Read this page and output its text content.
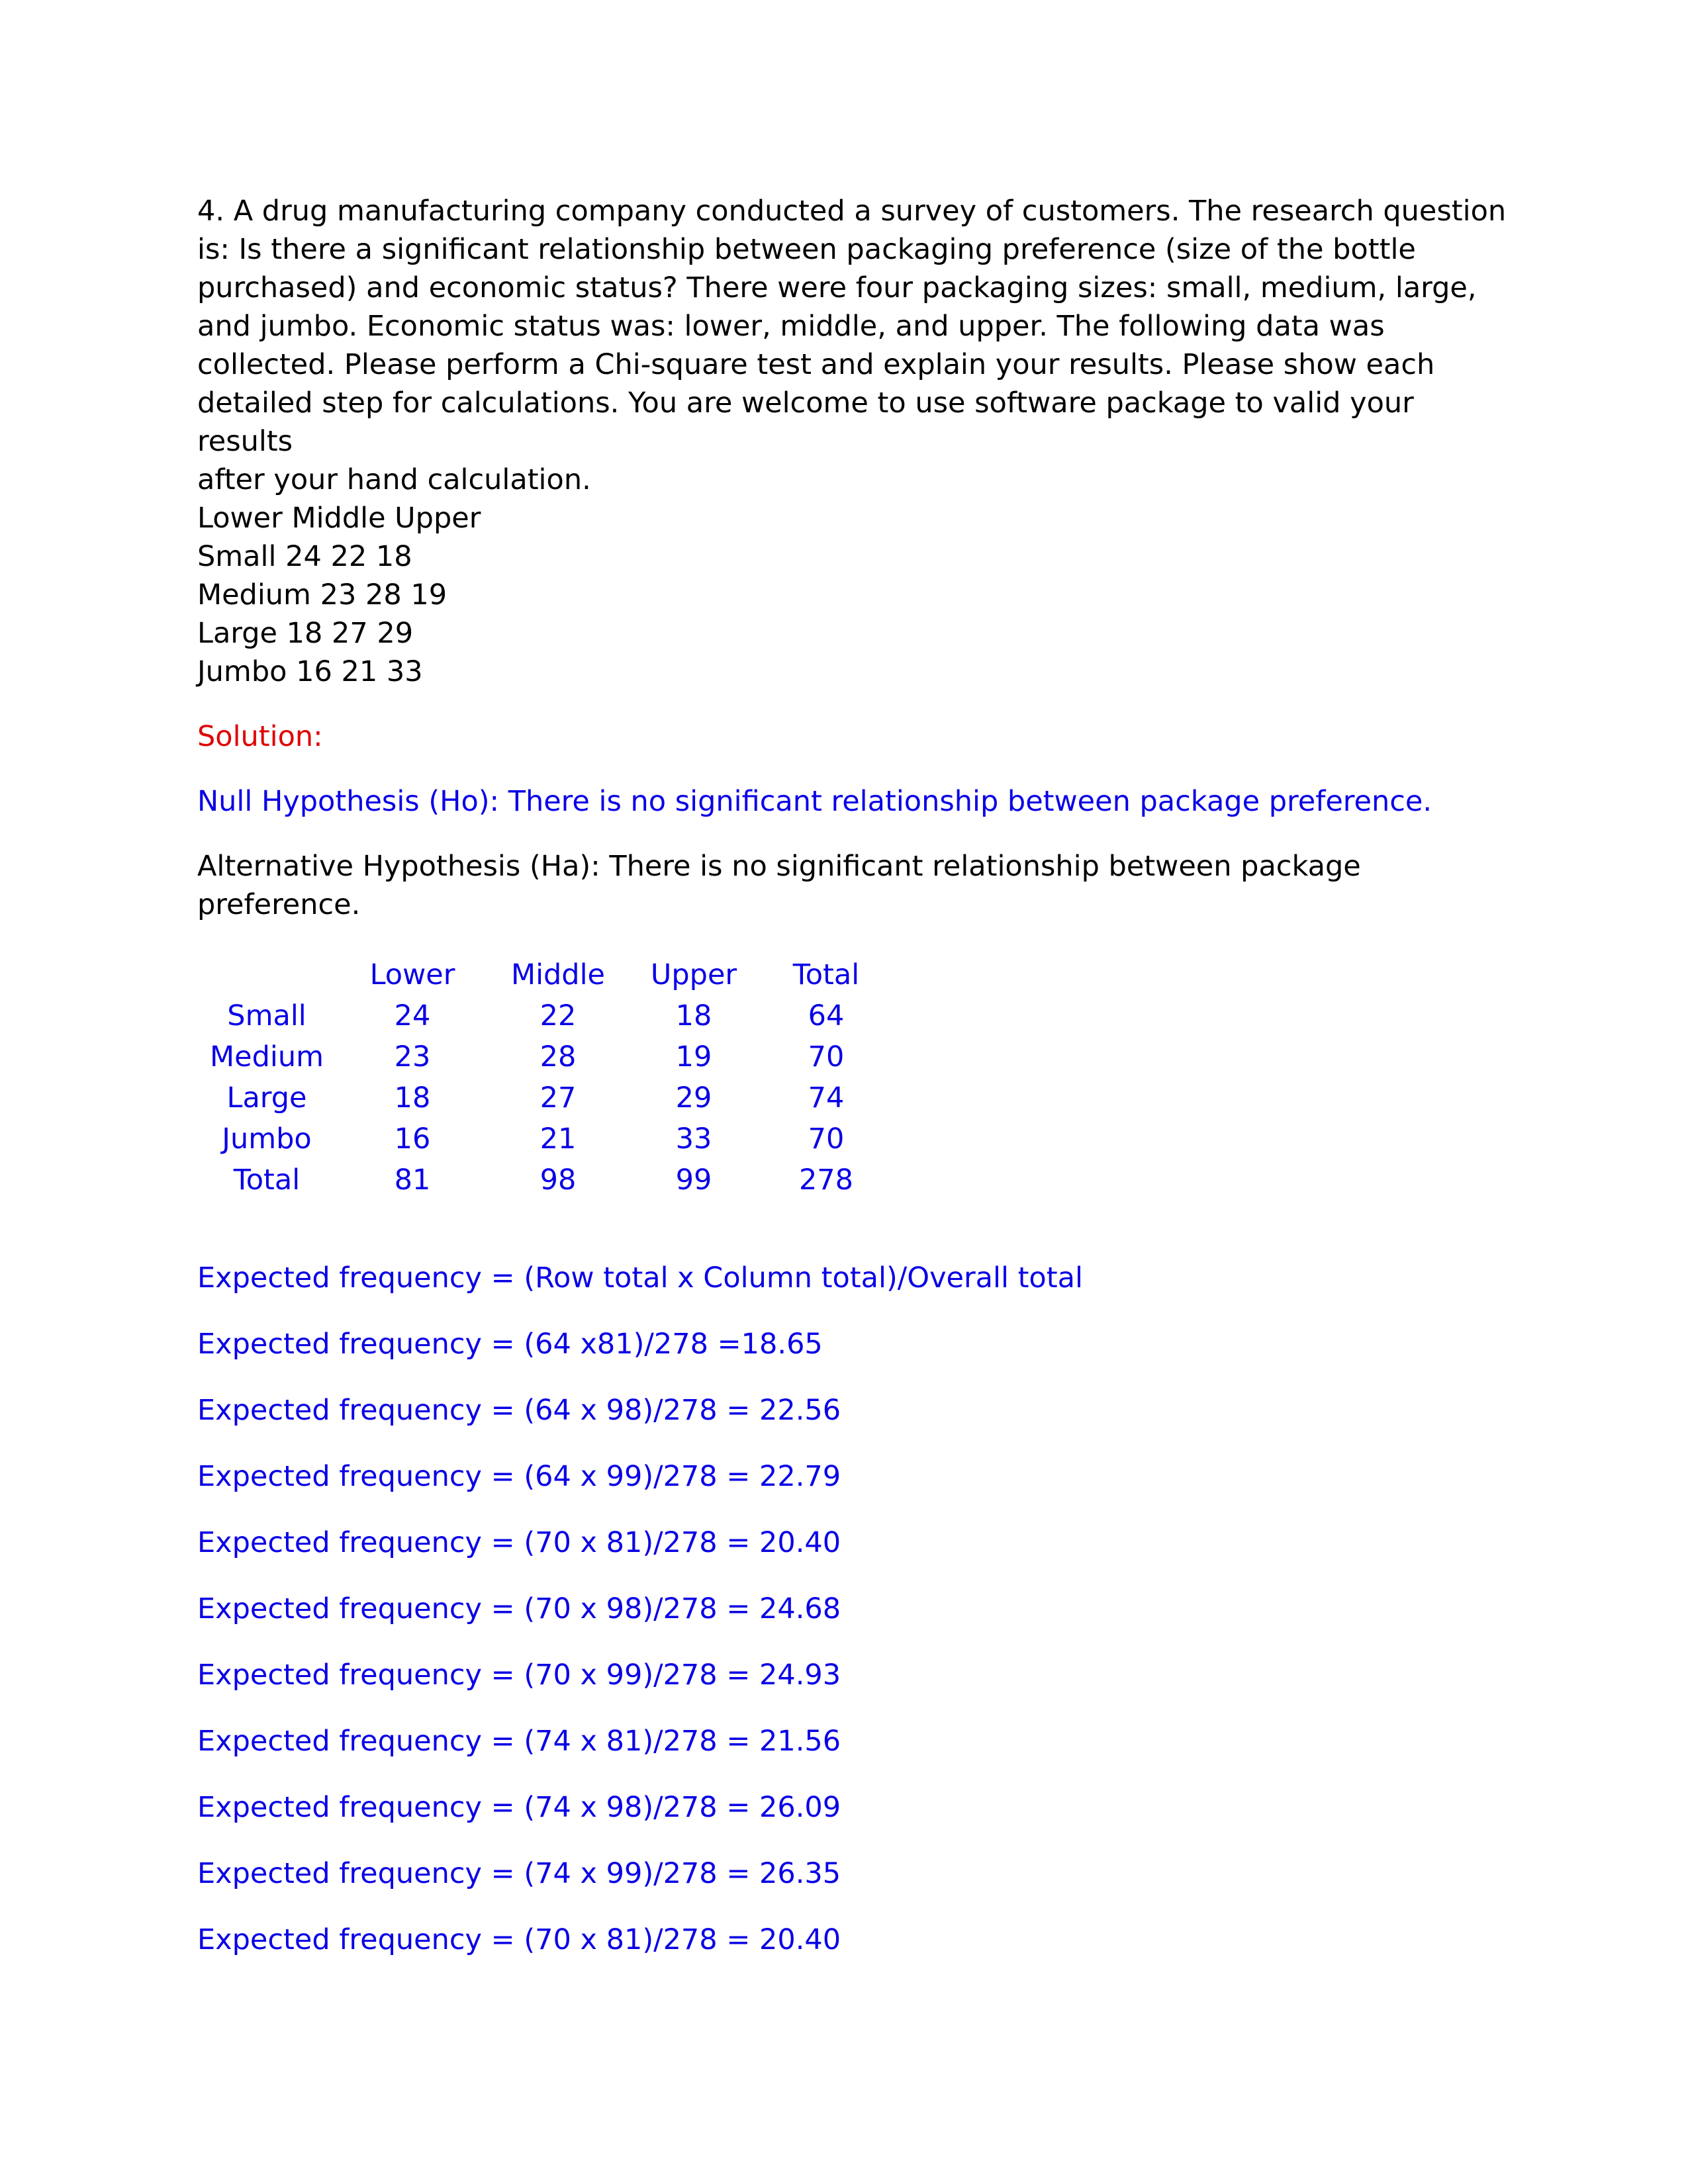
4. A drug manufacturing company conducted a survey of customers. The research question

is: Is there a significant relationship between packaging preference (size of the bottle

purchased) and economic status? There were four packaging sizes: small, medium, large,

and jumbo. Economic status was: lower, middle, and upper. The following data was

collected. Please perform a Chi-square test and explain your results. Please show each

detailed step for calculations. You are welcome to use software package to valid your results

after your hand calculation.

Lower Middle Upper
Small 24 22 18
Medium 23 28 19
Large 18 27 29
Jumbo 16 21 33
Solution:
Null Hypothesis (Ho): There is no significant relationship between package preference.
Alternative Hypothesis (Ha): There is no significant relationship between package preference.
	Lower	Middle	Upper	Total
Small	24	22	18	64
Medium	23	28	19	70
Large	18	27	29	74
Jumbo	16	21	33	70
Total	81	98	99	278
Expected frequency = (Row total x Column total)/Overall total
Expected frequency = (64 x81)/278 =18.65
Expected frequency = (64 x 98)/278 = 22.56
Expected frequency = (64 x 99)/278 = 22.79
Expected frequency = (70 x 81)/278 = 20.40
Expected frequency = (70 x 98)/278 = 24.68
Expected frequency = (70 x 99)/278 = 24.93
Expected frequency = (74 x 81)/278 = 21.56
Expected frequency = (74 x 98)/278 = 26.09
Expected frequency = (74 x 99)/278 = 26.35
Expected frequency = (70 x 81)/278 = 20.40
